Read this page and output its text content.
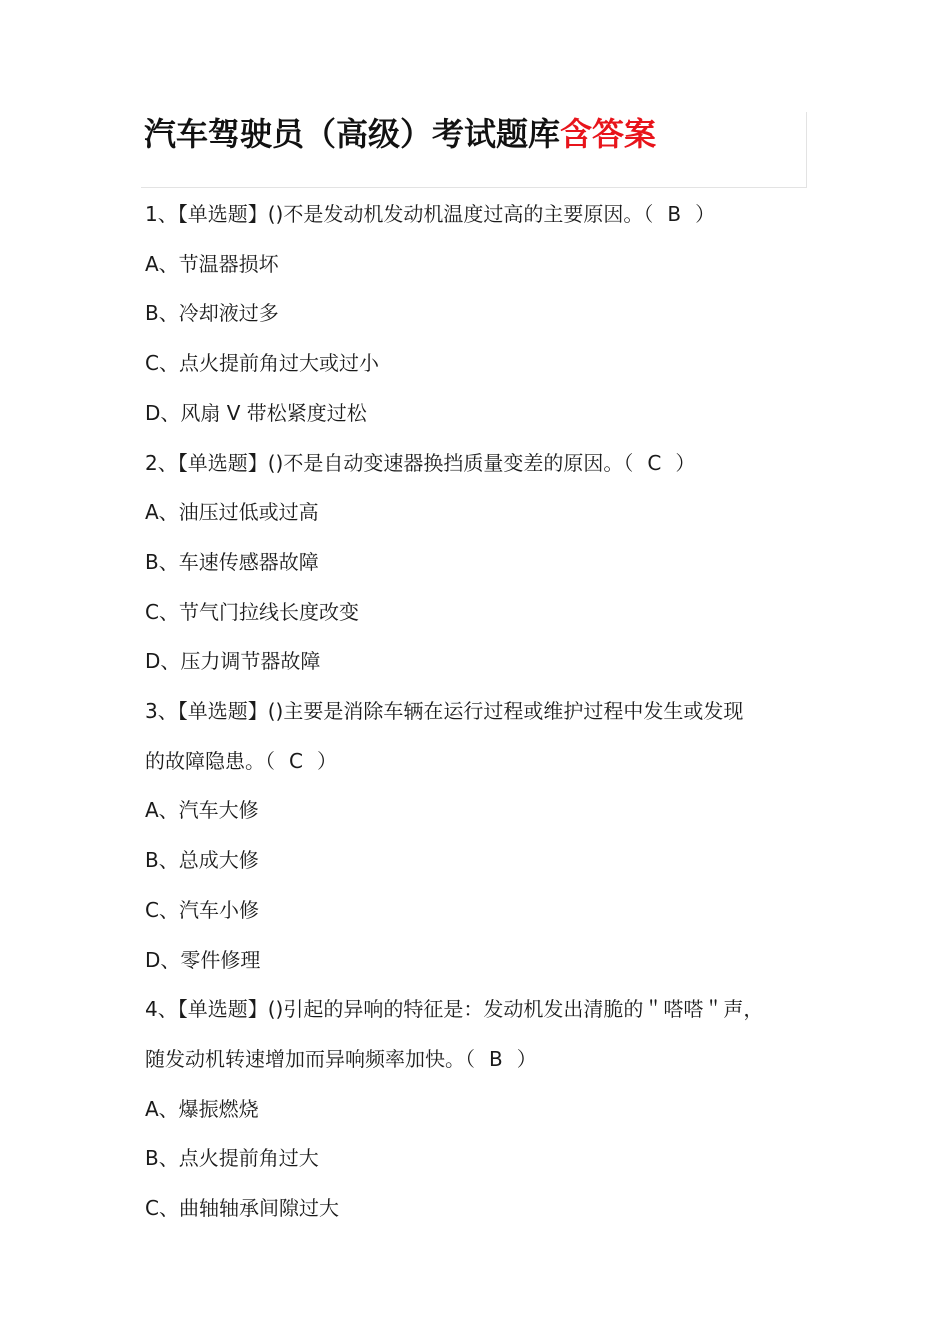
汽车驾驶员（高级）考试题库含答案
1、【单选题】()不是发动机发动机温度过高的主要原因。（ B ）
A、节温器损坏
B、冷却液过多
C、点火提前角过大或过小
D、风扇 V 带松紧度过松
2、【单选题】()不是自动变速器换挡质量变差的原因。（ C ）
A、油压过低或过高
B、车速传感器故障
C、节气门拉线长度改变
D、压力调节器故障
3、【单选题】()主要是消除车辆在运行过程或维护过程中发生或发现
的故障隐患。（ C ）
A、汽车大修
B、总成大修
C、汽车小修
D、零件修理
4、【单选题】()引起的异响的特征是：发动机发出清脆的＂嗒嗒＂声，
随发动机转速增加而异响频率加快。（ B ）
A、爆振燃烧
B、点火提前角过大
C、曲轴轴承间隙过大
